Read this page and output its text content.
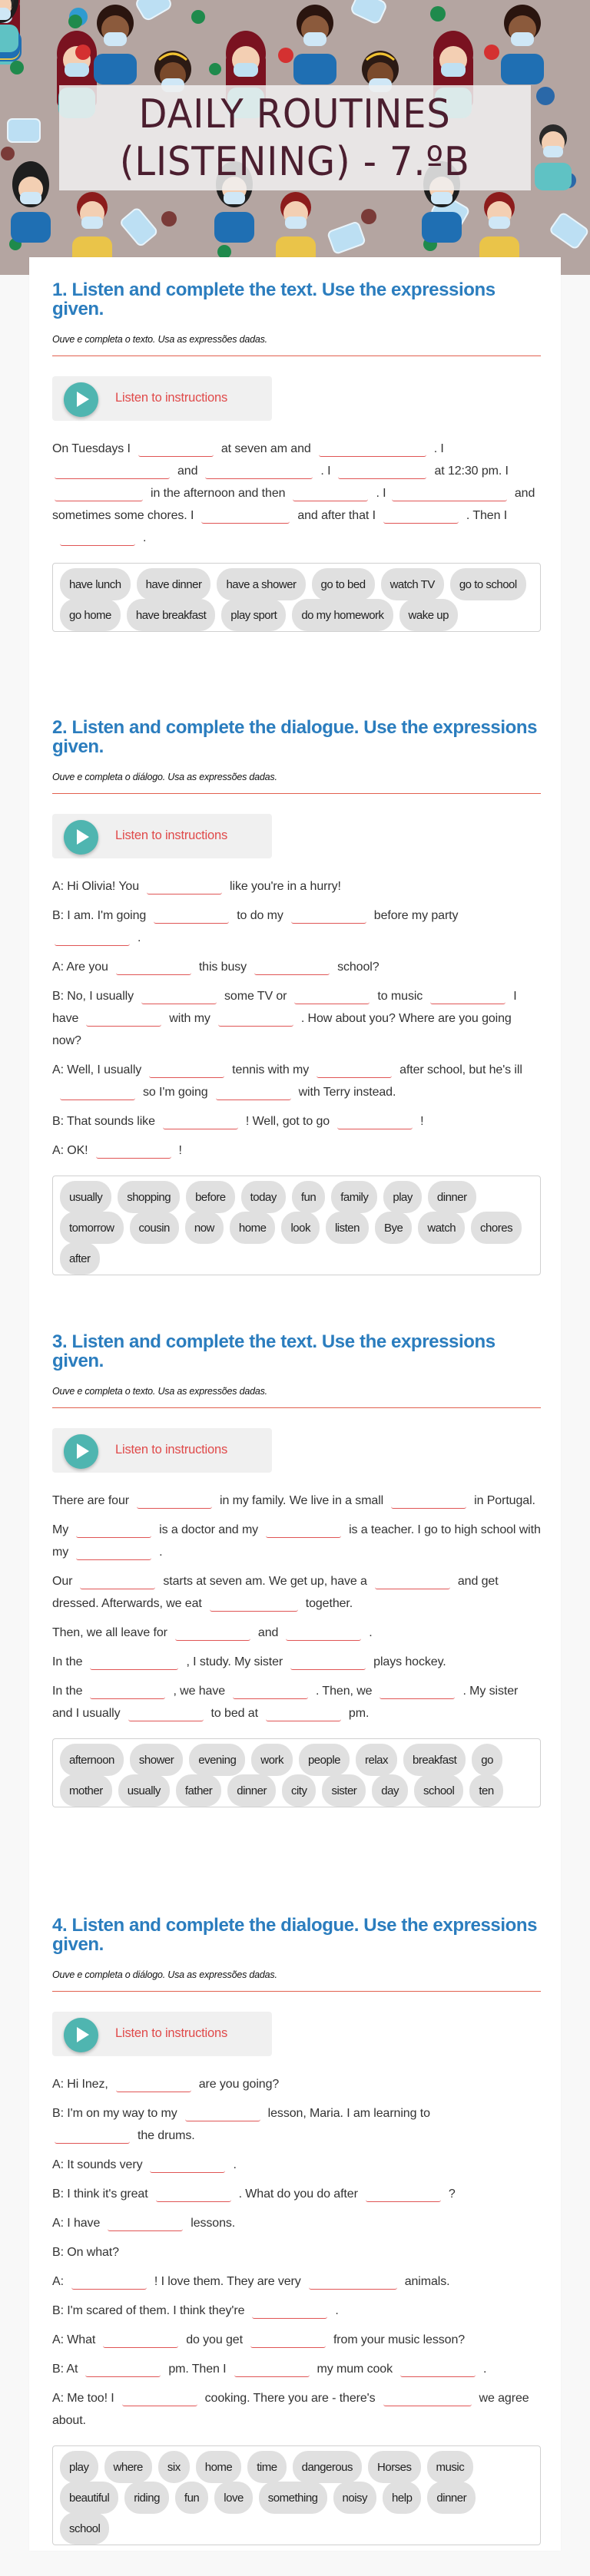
DAILY ROUTINES
(LISTENING) - 7.ºB
1. Listen and complete the text. Use the expressions given.
Ouve e completa o texto. Usa as expressões dadas.
Listen to instructions
On Tuesdays I	at seven am and	. I and	. I	at 12:30 pm. I in the afternoon and then	. I	and sometimes some chores. I	and after that I	. Then I.
have lunch	have dinner	have a shower	go to bed	watch TV	go to school
go home	have breakfast	play sport	do my homework	wake up
2. Listen and complete the dialogue. Use the expressions given.
Ouve e completa o diálogo. Usa as expressões dadas.
Listen to instructions
A: Hi Olivia! You	like you're in a hurry!
B: I am. I'm going	to do my	before my party
.
A: Are you	this busy	school?
B: No, I usually	some TV or	to music	I have	with my	. How about you? Where are you going now?
A: Well, I usually	tennis with my	after school, but he's illso I'm going	with Terry instead.
B: That sounds like	! Well, got to go	!
A: OK!	!
usually	shopping	before	today	fun	family	play	dinner
tomorrow	cousin	now	home	look	listen	Bye	watch	chores
after
3. Listen and complete the text. Use the expressions given.
Ouve e completa o texto. Usa as expressões dadas.
Listen to instructions
There are four	in my family. We live in a small	in Portugal.
My	is a doctor and my	is a teacher. I go to high school with my	.
Our	starts at seven am. We get up, have a	and get dressed. Afterwards, we eat	together.
Then, we all leave for	and	.
In the	, I study. My sister	plays hockey.
In the	, we have	. Then, we	. My sister and I usually	to bed at	pm.
afternoon	shower	evening	work	people	relax	breakfast	go
mother	usually	father	dinner	city	sister	day	school	ten
4. Listen and complete the dialogue. Use the expressions given.
Ouve e completa o diálogo. Usa as expressões dadas.
Listen to instructions
A: Hi Inez,	are you going?
B: I'm on my way to my	lesson, Maria. I am learning to
the drums.
A: It sounds very	.
B: I think it's great	. What do you do after	?
A: I have	lessons.
B: On what?
A:	! I love them. They are very	animals.
B: I'm scared of them. I think they're	.
A: What	do you get	from your music lesson?
B: At	pm. Then I	my mum cook	.
A: Me too! I	cooking. There you are - there's	we agree about.
play	where	six	home	time	dangerous	Horses	music
beautiful	riding	fun	love	something	noisy	help	dinner
school
